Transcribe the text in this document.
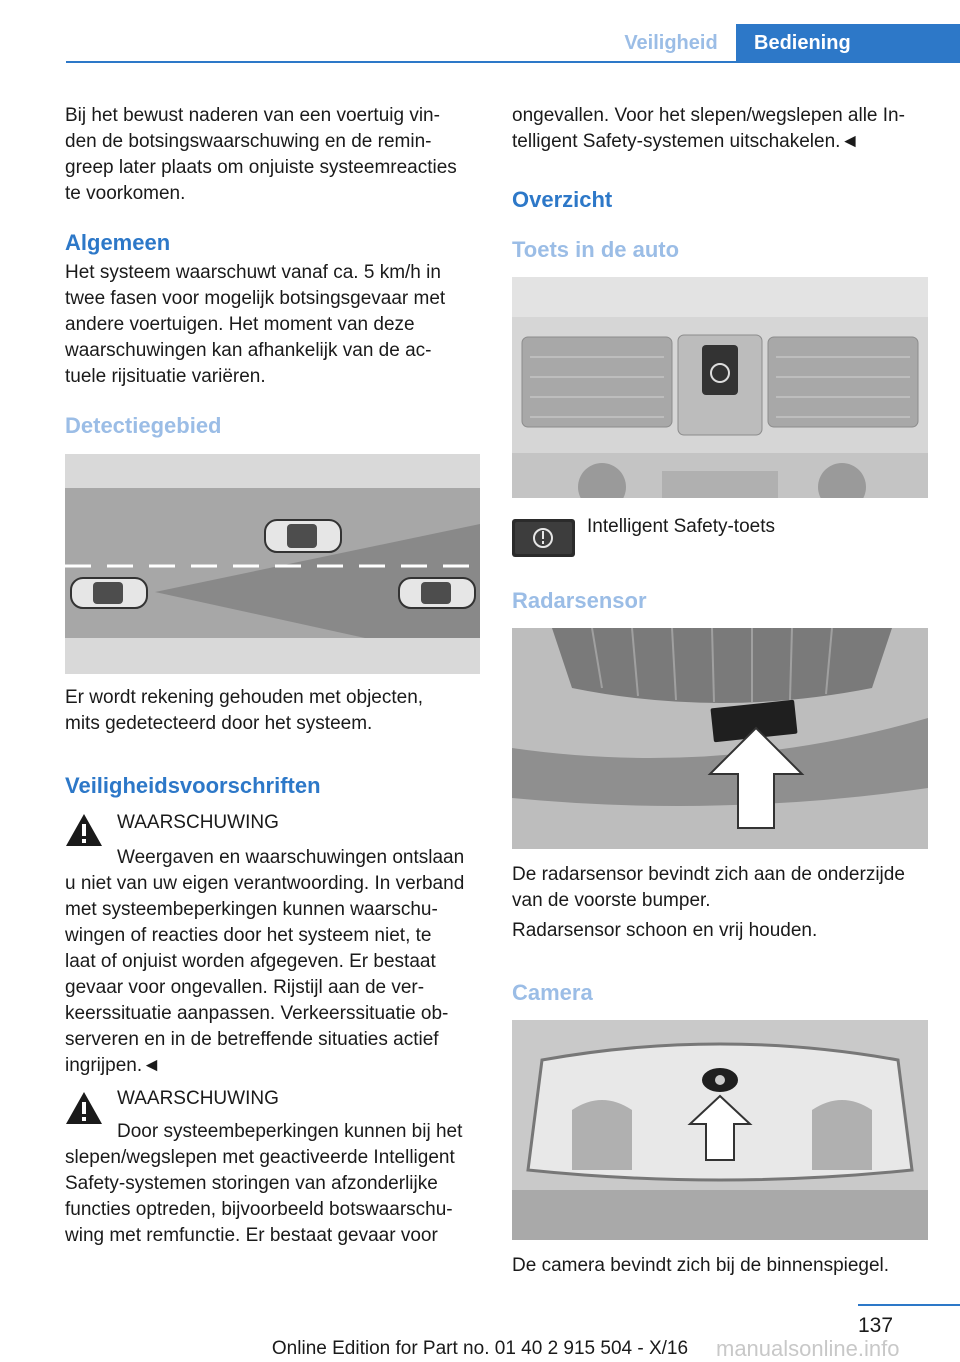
Veiligheid	Bediening
Bij het bewust naderen van een voertuig vin-
den de botsingswaarschuwing en de remin-
greep later plaats om onjuiste systeemreacties
te voorkomen.
Algemeen
Het systeem waarschuwt vanaf ca. 5 km/h in
twee fasen voor mogelijk botsingsgevaar met
andere voertuigen. Het moment van deze
waarschuwingen kan afhankelijk van de ac-
tuele rijsituatie variëren.
Detectiegebied
Er wordt rekening gehouden met objecten,
mits gedetecteerd door het systeem.
Veiligheidsvoorschriften
WAARSCHUWING
Weergaven en waarschuwingen ontslaan
u niet van uw eigen verantwoording. In verband
met systeembeperkingen kunnen waarschu-
wingen of reacties door het systeem niet, te
laat of onjuist worden afgegeven. Er bestaat
gevaar voor ongevallen. Rijstijl aan de ver-
keerssituatie aanpassen. Verkeerssituatie ob-
serveren en in de betreffende situaties actief
ingrijpen.◄
WAARSCHUWING
Door systeembeperkingen kunnen bij het
slepen/wegslepen met geactiveerde Intelligent
Safety-systemen storingen van afzonderlijke
functies optreden, bijvoorbeeld botswaarschu-
wing met remfunctie. Er bestaat gevaar voor
ongevallen. Voor het slepen/wegslepen alle In-
telligent Safety-systemen uitschakelen.◄
Overzicht
Toets in de auto
Intelligent Safety-toets
Radarsensor
De radarsensor bevindt zich aan de onderzijde
van de voorste bumper.
Radarsensor schoon en vrij houden.
Camera
De camera bevindt zich bij de binnenspiegel.
137
Online Edition for Part no. 01 40 2 915 504 - X/16	manualsonline.info
